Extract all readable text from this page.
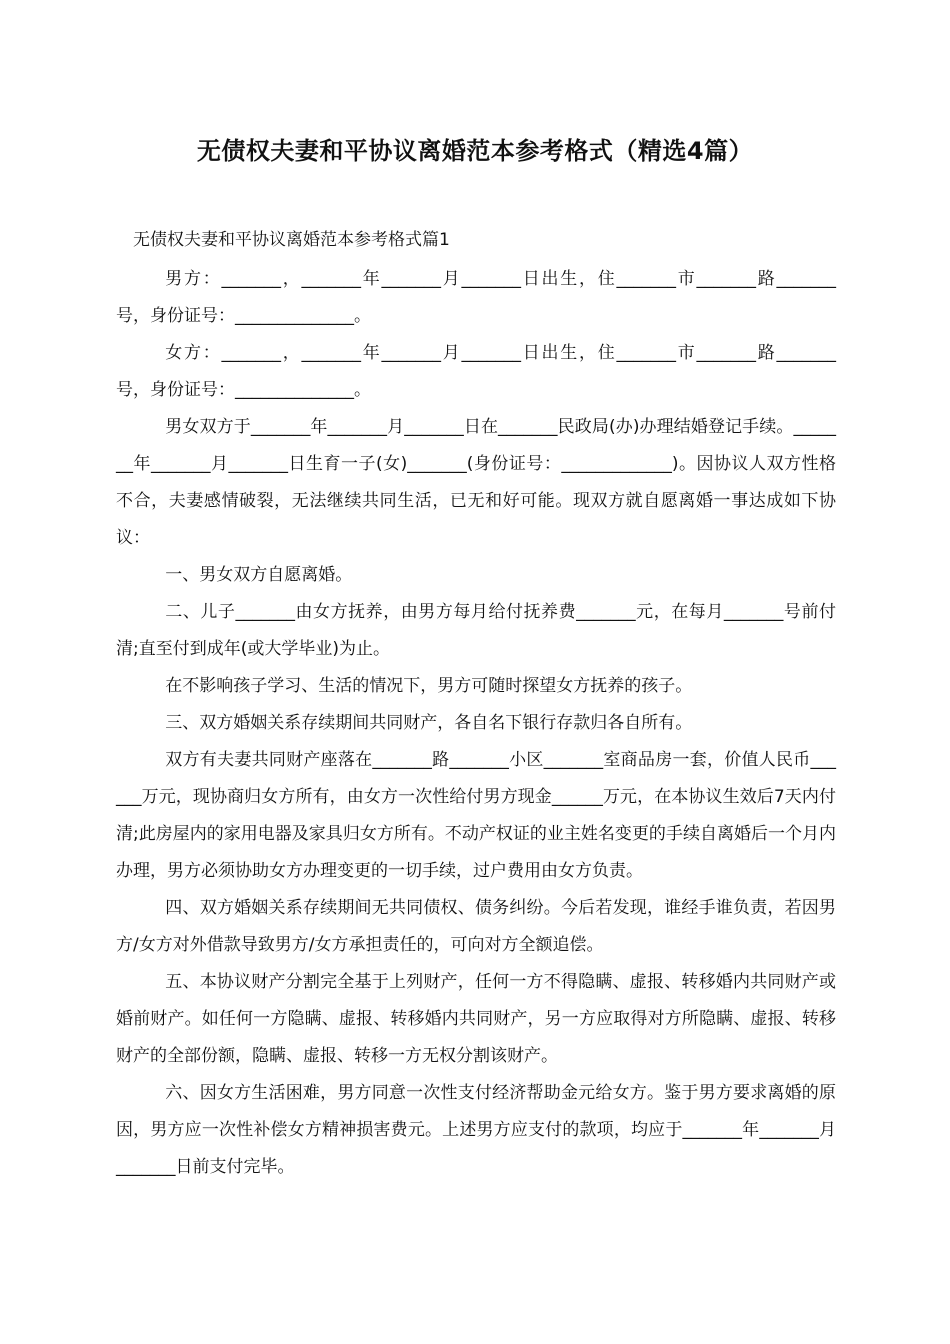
无债权夫妻和平协议离婚范本参考格式（精选4篇）
无债权夫妻和平协议离婚范本参考格式篇1

男方：_______，_______年_______月_______日出生，住_______市_______路_______号，身份证号：______________。

女方：_______，_______年_______月_______日出生，住_______市_______路_______号，身份证号：______________。

男女双方于_______年_______月_______日在_______民政局(办)办理结婚登记手续。_______年_______月_______日生育一子(女)_______(身份证号：_____________)。因协议人双方性格不合，夫妻感情破裂，无法继续共同生活，已无和好可能。现双方就自愿离婚一事达成如下协议：

一、男女双方自愿离婚。

二、儿子_______由女方抚养，由男方每月给付抚养费_______元，在每月_______号前付清;直至付到成年(或大学毕业)为止。

在不影响孩子学习、生活的情况下，男方可随时探望女方抚养的孩子。

三、双方婚姻关系存续期间共同财产，各自名下银行存款归各自所有。

双方有夫妻共同财产座落在_______路_______小区_______室商品房一套，价值人民币______万元，现协商归女方所有，由女方一次性给付男方现金______万元，在本协议生效后7天内付清;此房屋内的家用电器及家具归女方所有。不动产权证的业主姓名变更的手续自离婚后一个月内办理，男方必须协助女方办理变更的一切手续，过户费用由女方负责。

四、双方婚姻关系存续期间无共同债权、债务纠纷。今后若发现，谁经手谁负责，若因男方/女方对外借款导致男方/女方承担责任的，可向对方全额追偿。

五、本协议财产分割完全基于上列财产，任何一方不得隐瞒、虚报、转移婚内共同财产或婚前财产。如任何一方隐瞒、虚报、转移婚内共同财产，另一方应取得对方所隐瞒、虚报、转移财产的全部份额，隐瞒、虚报、转移一方无权分割该财产。

六、因女方生活困难，男方同意一次性支付经济帮助金元给女方。鉴于男方要求离婚的原因，男方应一次性补偿女方精神损害费元。上述男方应支付的款项，均应于_______年_______月_______日前支付完毕。
